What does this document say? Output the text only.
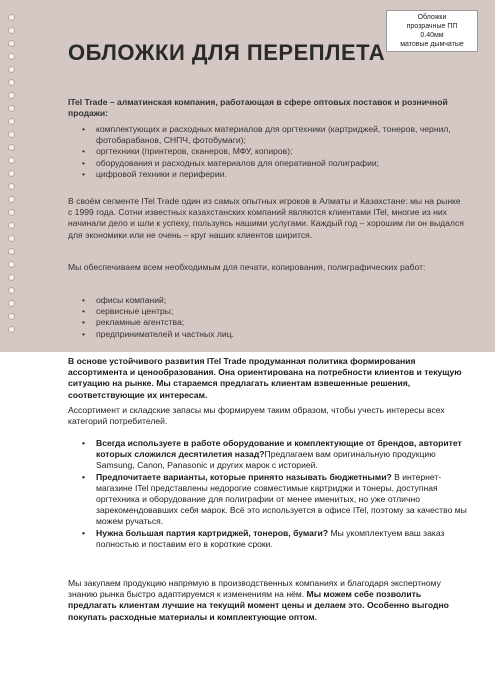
Обложки
прозрачные ПП
0.40мм
матовые дымчатые
ОБЛОЖКИ ДЛЯ ПЕРЕПЛЕТА

ITel Trade – алматинская компания, работающая в сфере оптовых поставок и розничной продажи:

• комплектующих и расходных материалов для оргтехники (картриджей, тонеров, чернил, фотобарабанов, СНПЧ, фотобумаги);
• оргтехники (принтеров, сканеров, МФУ, копиров);
• оборудования и расходных материалов для оперативной полиграфии;
• цифровой техники и периферии.

В своём сегменте ITel Trade один из самых опытных игроков в Алматы и Казахстане: мы на рынке с 1999 года. Сотни известных казахстанских компаний являются клиентами ITel, многие из них начинали дело и шли к успеху, пользуясь нашими услугами. Каждый год – хорошим ли он выдался для экономики или не очень – круг наших клиентов ширится.

Мы обеспечиваем всем необходимым для печати, копирования, полиграфических работ:

• офисы компаний;
• сервисные центры;
• рекламные агентства;
• предпринимателей и частных лиц.

В основе устойчивого развития ITel Trade продуманная политика формирования ассортимента и ценообразования. Она ориентирована на потребности клиентов и текущую ситуацию на рынке. Мы стараемся предлагать клиентам взвешенные решения, соответствующие их интересам.

Ассортимент и складские запасы мы формируем таким образом, чтобы учесть интересы всех категорий потребителей.

• Всегда используете в работе оборудование и комплектующие от брендов, авторитет которых сложился десятилетия назад?Предлагаем вам оригинальную продукцию Samsung, Canon, Panasonic и других марок с историей.
• Предпочитаете варианты, которые принято называть бюджетными? В интернет-магазине ITel представлены недорогие совместимые картриджи и тонеры, доступная оргтехника и оборудование для полиграфии от менее именитых, но уже отлично зарекомендовавших себя марок. Всё это используется в офисе ITel, поэтому за качество мы можем ручаться.
• Нужна большая партия картриджей, тонеров, бумаги? Мы укомплектуем ваш заказ полностью и поставим его в короткие сроки.

Мы закупаем продукцию напрямую в производственных компаниях и благодаря экспертному знанию рынка быстро адаптируемся к изменениям на нём. Мы можем себе позволить предлагать клиентам лучшие на текущий момент цены и делаем это. Особенно выгодно покупать расходные материалы и комплектующие оптом.
